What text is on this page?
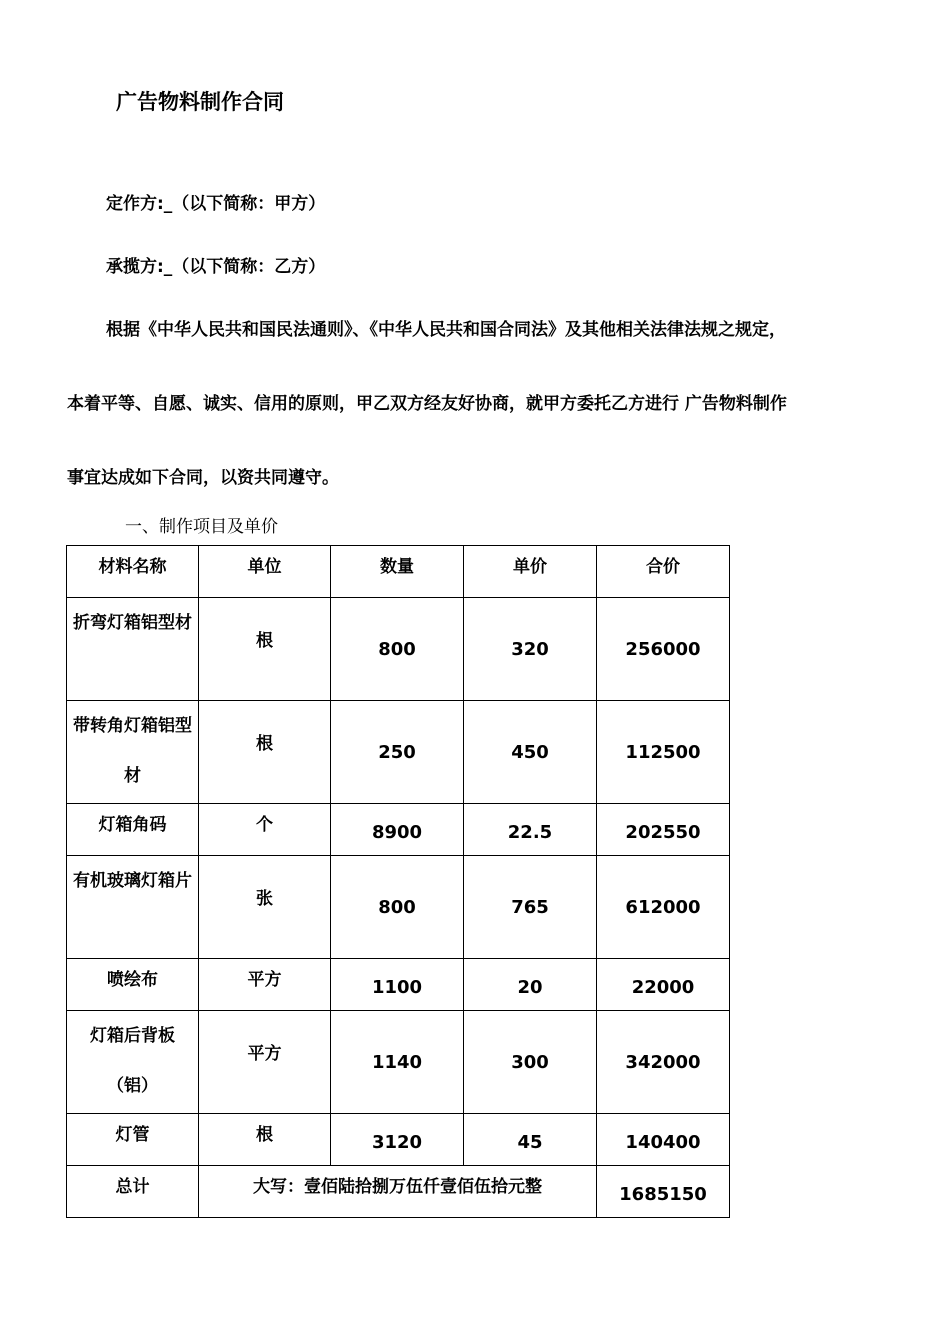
广告物料制作合同
定作方:_（以下简称：甲方）
承揽方:_（以下简称：乙方）
根据《中华人民共和国民法通则》、《中华人民共和国合同法》及其他相关法律法规之规定，
本着平等、自愿、诚实、信用的原则，甲乙双方经友好协商，就甲方委托乙方进行 广告物料制作
事宜达成如下合同，以资共同遵守。
一、制作项目及单价
材料名称	单位	数量	单价	合价
折弯灯箱铝型材	根	800	320	256000
带转角灯箱铝型材	根	250	450	112500
灯箱角码	个	8900	22.5	202550
有机玻璃灯箱片	张	800	765	612000
喷绘布	平方	1100	20	22000
灯箱后背板（铝）	平方	1140	300	342000
灯管	根	3120	45	140400
总计	大写：壹佰陆拾捌万伍仟壹佰伍拾元整			1685150
